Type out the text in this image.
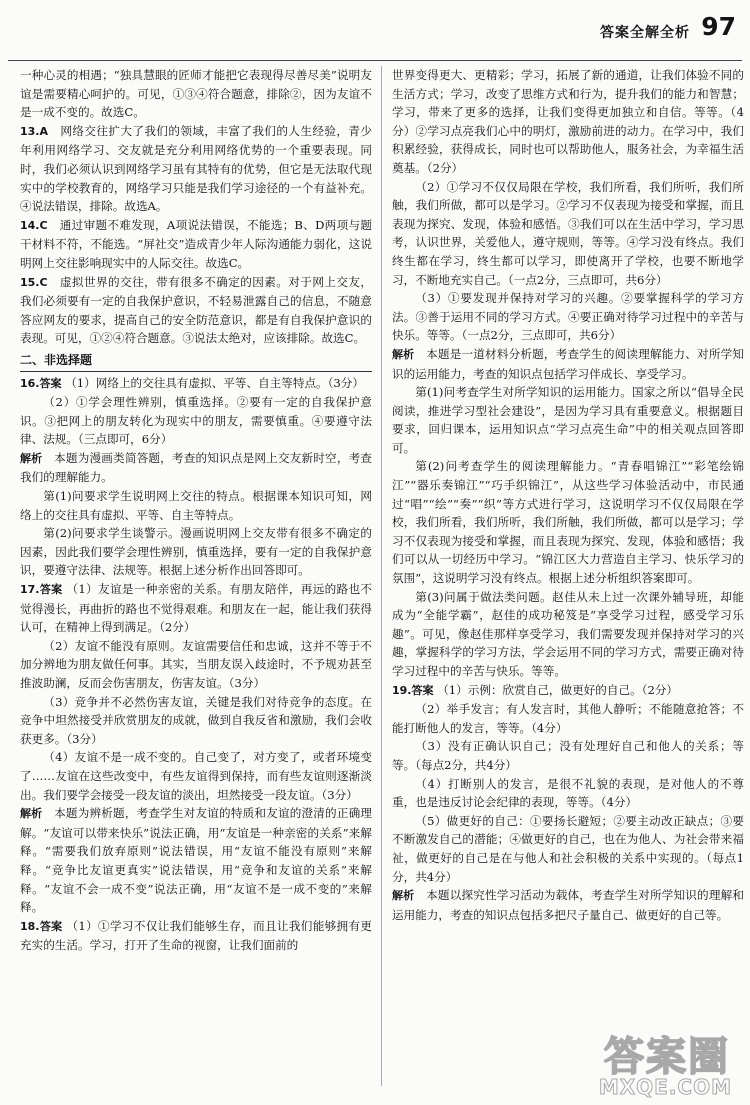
答案全解全析 97

一种心灵的相遇；“独具慧眼的匠师才能把它表现得尽善尽美”说明友谊是需要精心呵护的。可见，①③④符合题意，排除②，因为友谊不是一成不变的。故选C。

13.A　 网络交往扩大了我们的领域，丰富了我们的人生经验，青少年利用网络学习、交友就是充分利用网络优势的一个重要表现。同时，我们必须认识到网络学习虽有其特有的优势，但它是无法取代现实中的学校教育的，网络学习只能是我们学习途径的一个有益补充。④说法错误，排除。故选A。

14.C　 通过审题不难发现，A项说法错误，不能选；B、D两项与题干材料不符，不能选。“屏社交”造成青少年人际沟通能力弱化，这说明网上交往影响现实中的人际交往。故选C。

15.C　 虚拟世界的交往，带有很多不确定的因素。对于网上交友，我们必须要有一定的自我保护意识，不轻易泄露自己的信息，不随意答应网友的要求，提高自己的安全防范意识，都是有自我保护意识的表现。可见，①②④符合题意。③说法太绝对，应该排除。故选C。

二、非选择题

16.答案 （1）网络上的交往具有虚拟、平等、自主等特点。（3分）

（2）①学会理性辨别，慎重选择。②要有一定的自我保护意识。③把网上的朋友转化为现实中的朋友，需要慎重。④要遵守法律、法规。（三点即可，6分）

解析　 本题为漫画类简答题，考查的知识点是网上交友新时空，考查我们的理解能力。

第(1)问要求学生说明网上交往的特点。根据课本知识可知，网络上的交往具有虚拟、平等、自主等特点。

第(2)问要求学生谈警示。漫画说明网上交友带有很多不确定的因素，因此我们要学会理性辨别，慎重选择，要有一定的自我保护意识，要遵守法律、法规等。根据上述分析作出回答即可。

17.答案 （1）友谊是一种亲密的关系。有朋友陪伴，再远的路也不觉得漫长，再曲折的路也不觉得艰难。和朋友在一起，能让我们获得认可，在精神上得到满足。（2分）

（2）友谊不能没有原则。友谊需要信任和忠诚，这并不等于不加分辨地为朋友做任何事。其实，当朋友误入歧途时，不予规劝甚至推波助澜，反而会伤害朋友，伤害友谊。（3分）

（3）竞争并不必然伤害友谊，关键是我们对待竞争的态度。在竞争中坦然接受并欣赏朋友的成就，做到自我反省和激励，我们会收获更多。（3分）

（4）友谊不是一成不变的。自己变了，对方变了，或者环境变了……友谊在这些改变中，有些友谊得到保持，而有些友谊则逐渐淡出。我们要学会接受一段友谊的淡出，坦然接受一段友谊。（3分）

解析　 本题为辨析题，考查学生对友谊的特质和友谊的澄清的正确理解。“友谊可以带来快乐”说法正确，用“友谊是一种亲密的关系”来解释。“需要我们放弃原则”说法错误，用“友谊不能没有原则”来解释。“竞争比友谊更真实”说法错误，用“竞争和友谊的关系”来解释。“友谊不会一成不变”说法正确，用“友谊不是一成不变的”来解释。

18.答案 （1）①学习不仅让我们能够生存，而且让我们能够拥有更充实的生活。学习，打开了生命的视窗，让我们面前的

世界变得更大、更精彩；学习，拓展了新的通道，让我们体验不同的生活方式；学习，改变了思维方式和行为，提升我们的能力和智慧；学习，带来了更多的选择，让我们变得更加独立和自信。等等。（4分）②学习点亮我们心中的明灯，激励前进的动力。在学习中，我们积累经验，获得成长，同时也可以帮助他人，服务社会，为幸福生活奠基。（2分）

（2）①学习不仅仅局限在学校，我们所看，我们所听，我们所触，我们所做，都可以是学习。②学习不仅表现为接受和掌握，而且表现为探究、发现，体验和感悟。③我们可以在生活中学习，学习思考，认识世界，关爱他人，遵守规则，等等。④学习没有终点。我们终生都在学习，终生都可以学习，即使离开了学校，也要不断地学习，不断地充实自己。（一点2分，三点即可，共6分）

（3）①要发现并保持对学习的兴趣。②要掌握科学的学习方法。③善于运用不同的学习方式。④要正确对待学习过程中的辛苦与快乐。等等。（一点2分，三点即可，共6分）

解析　 本题是一道材料分析题，考查学生的阅读理解能力、对所学知识的运用能力，考查的知识点包括学习伴成长、享受学习。

第(1)问考查学生对所学知识的运用能力。国家之所以“倡导全民阅读，推进学习型社会建设”，是因为学习具有重要意义。根据题目要求，回归课本，运用知识点“学习点亮生命”中的相关观点回答即可。

第(2)问考查学生的阅读理解能力。“青春唱锦江”“彩笔绘锦江”“器乐奏锦江”“巧手织锦江”，从这些学习体验活动中，市民通过“唱”“绘”“奏”“织”等方式进行学习，这说明学习不仅仅局限在学校，我们所看，我们所听，我们所触，我们所做，都可以是学习；学习不仅表现为接受和掌握，而且表现为探究、发现，体验和感悟；我们可以从一切经历中学习。“锦江区大力营造自主学习、快乐学习的氛围”，这说明学习没有终点。根据上述分析组织答案即可。

第(3)问属于做法类问题。赵佳从未上过一次课外辅导班，却能成为“全能学霸”，赵佳的成功秘笈是“享受学习过程，感受学习乐趣”。可见，像赵佳那样享受学习，我们需要发现并保持对学习的兴趣，掌握科学的学习方法，学会运用不同的学习方式，需要正确对待学习过程中的辛苦与快乐。等等。

19.答案 （1）示例：欣赏自己，做更好的自己。（2分）

（2）举手发言；有人发言时，其他人静听；不能随意抢答；不能打断他人的发言，等等。（4分）

（3）没有正确认识自己；没有处理好自己和他人的关系；等等。（每点2分，共4分）

（4）打断别人的发言，是很不礼貌的表现，是对他人的不尊重，也是违反讨论会纪律的表现，等等。（4分）

（5）做更好的自己：①要扬长避短；②要主动改正缺点；③要不断激发自己的潜能；④做更好的自己，也在为他人、为社会带来福祉，做更好的自己是在与他人和社会积极的关系中实现的。（每点1分，共4分）

解析　 本题以探究性学习活动为载体，考查学生对所学知识的理解和运用能力，考查的知识点包括多把尺子量自己、做更好的自己等。

答案圈
MXQE.COM
